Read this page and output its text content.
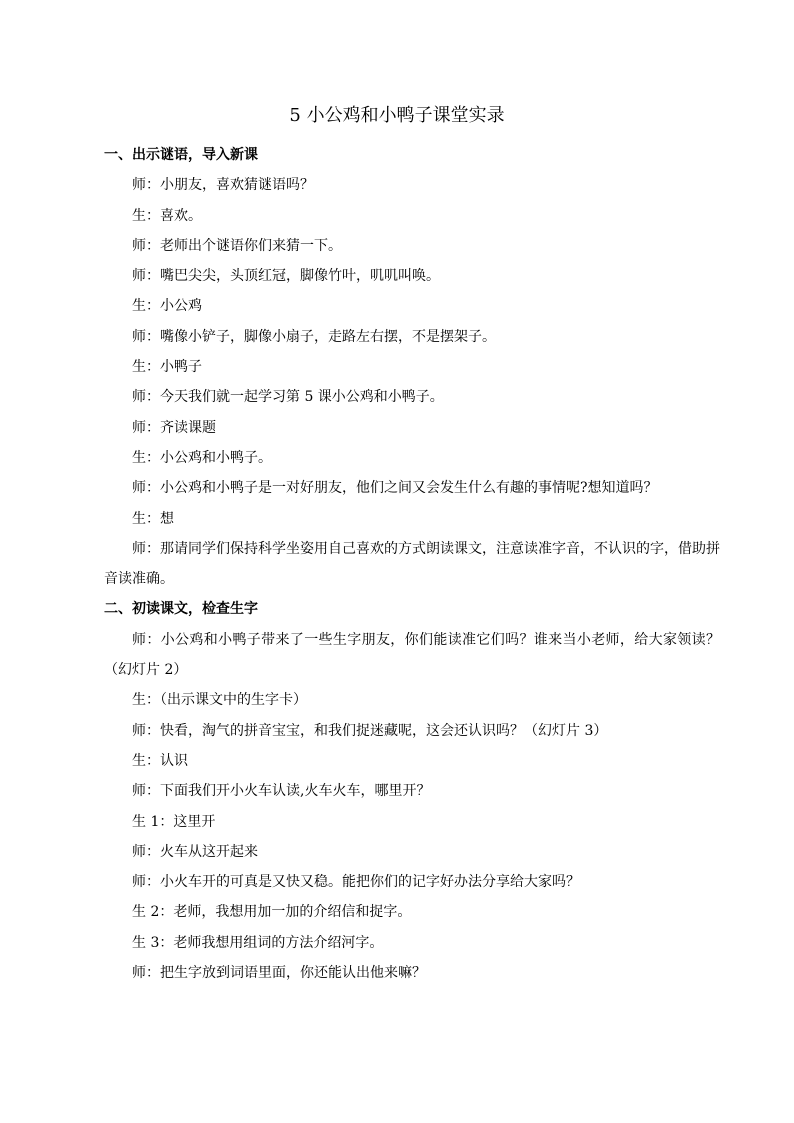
5 小公鸡和小鸭子课堂实录

一、出示谜语，导入新课

师：小朋友，喜欢猜谜语吗？

生：喜欢。

师：老师出个谜语你们来猜一下。

师：嘴巴尖尖，头顶红冠，脚像竹叶，叽叽叫唤。

生：小公鸡

师：嘴像小铲子，脚像小扇子，走路左右摆，不是摆架子。

生：小鸭子

师：今天我们就一起学习第 5 课小公鸡和小鸭子。

师：齐读课题

生：小公鸡和小鸭子。

师：小公鸡和小鸭子是一对好朋友，他们之间又会发生什么有趣的事情呢?想知道吗？

生：想

师：那请同学们保持科学坐姿用自己喜欢的方式朗读课文，注意读准字音，不认识的字，借助拼音读准确。

二、初读课文，检查生字

师：小公鸡和小鸭子带来了一些生字朋友，你们能读准它们吗？谁来当小老师，给大家领读？（幻灯片 2）

生：（出示课文中的生字卡）

师：快看，淘气的拼音宝宝，和我们捉迷藏呢，这会还认识吗？（幻灯片 3）

生：认识

师：下面我们开小火车认读,火车火车，哪里开？

生 1：这里开

师：火车从这开起来

师：小火车开的可真是又快又稳。能把你们的记字好办法分享给大家吗？

生 2：老师，我想用加一加的介绍信和捉字。

生 3：老师我想用组词的方法介绍河字。

师：把生字放到词语里面，你还能认出他来嘛？
